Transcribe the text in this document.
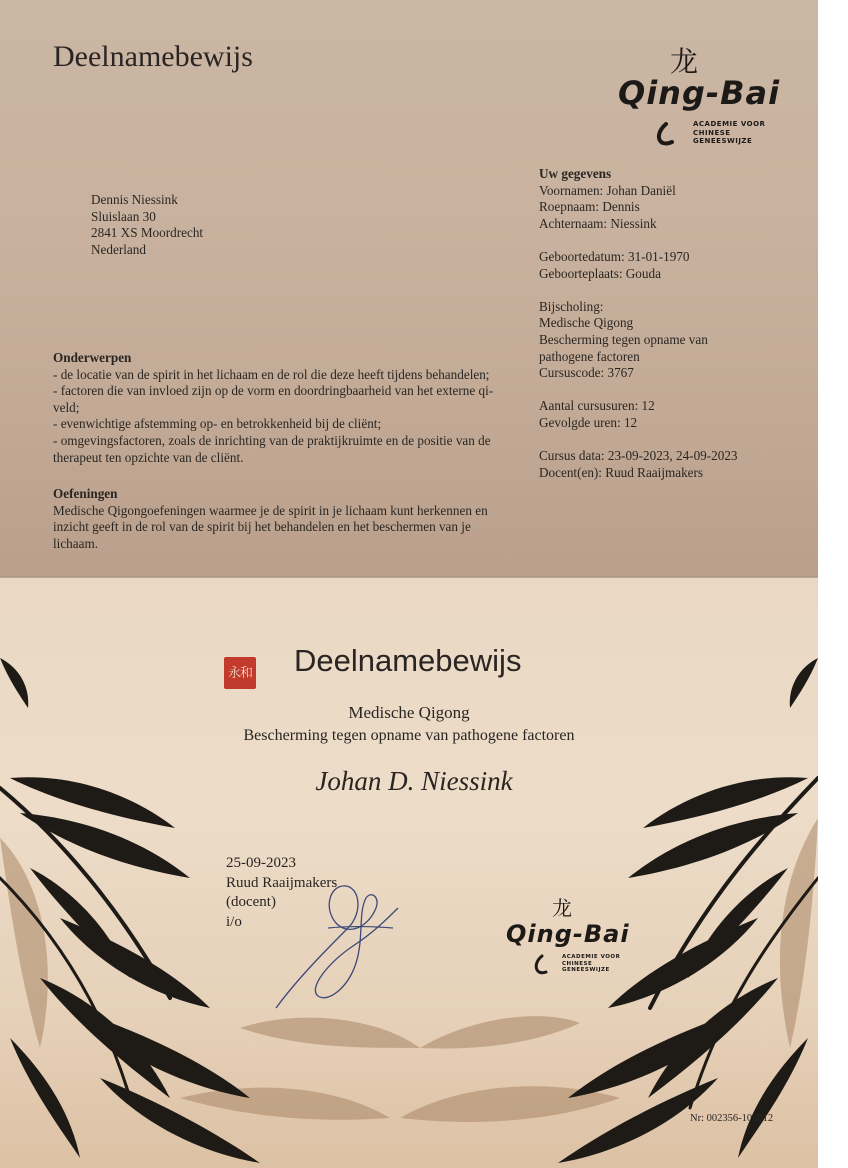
Deelnamebewijs	龙
Qing-Bai
ACADEMIE VOOR
CHINESE GENEESWIJZE
Dennis Niessink
Sluislaan 30
2841 XS Moordrecht
Nederland
Uw gegevens
Voornamen: Johan Daniël
Roepnaam: Dennis
Achternaam: Niessink
Geboortedatum: 31-01-1970
Geboorteplaats: Gouda
Bijscholing:
Medische Qigong
Bescherming tegen opname van
pathogene factoren
Cursuscode: 3767
Aantal cursusuren: 12
Gevolgde uren: 12
Cursus data: 23-09-2023, 24-09-2023
Docent(en): Ruud Raaijmakers
Onderwerpen
- de locatie van de spirit in het lichaam en de rol die deze heeft tijdens behandelen;
- factoren die van invloed zijn op de vorm en doordringbaarheid van het externe qi-
veld;
- evenwichtige afstemming op- en betrokkenheid bij de cliënt;
- omgevingsfactoren, zoals de inrichting van de praktijkruimte en de positie van de
therapeut ten opzichte van de cliënt.
Oefeningen
Medische Qigongoefeningen waarmee je de spirit in je lichaam kunt herkennen en
inzicht geeft in de rol van de spirit bij het behandelen en het beschermen van je
lichaam.
永和 Deelnamebewijs
Medische Qigong
Bescherming tegen opname van pathogene factoren
Johan D. Niessink
25-09-2023
Ruud Raaijmakers
(docent)
i/o
龙
Qing-Bai
ACADEMIE VOOR
CHINESE GENEESWIJZE
Nr: 002356-103812
